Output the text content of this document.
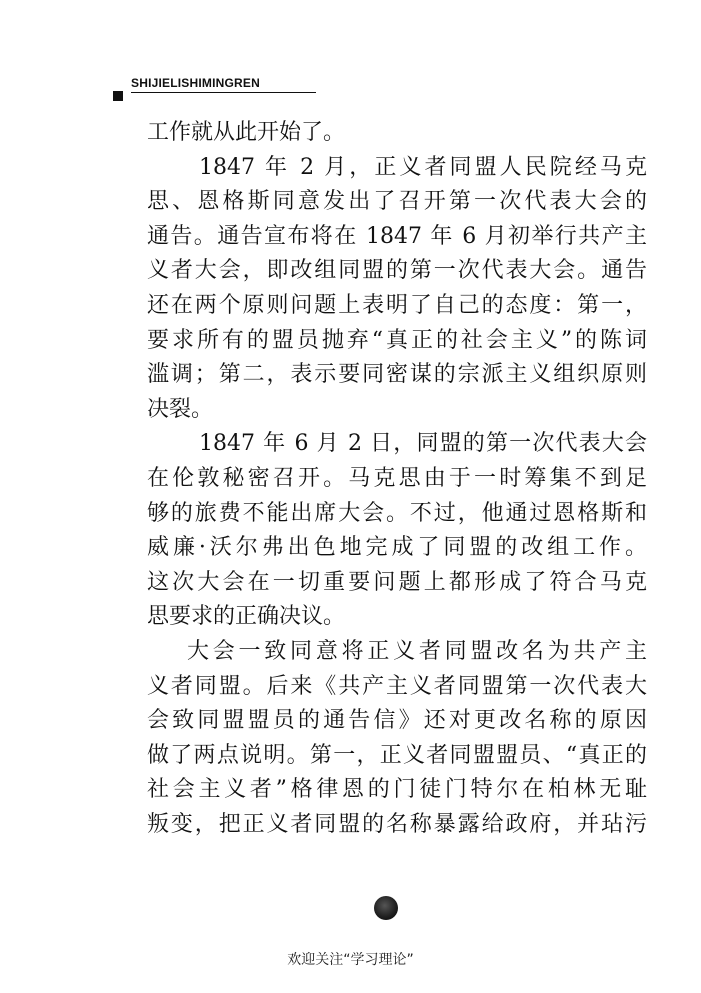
SHIJIELISHIMINGREN
工作就从此开始了。
1847 年 2 月，正义者同盟人民院经马克
思、恩格斯同意发出了召开第一次代表大会的
通告。通告宣布将在 1847 年 6 月初举行共产主
义者大会，即改组同盟的第一次代表大会。通告
还在两个原则问题上表明了自己的态度：第一，
要求所有的盟员抛弃“真正的社会主义”的陈词
滥调；第二，表示要同密谋的宗派主义组织原则
决裂。
1847 年 6 月 2 日，同盟的第一次代表大会
在伦敦秘密召开。马克思由于一时筹集不到足
够的旅费不能出席大会。不过，他通过恩格斯和
威廉·沃尔弗出色地完成了同盟的改组工作。
这次大会在一切重要问题上都形成了符合马克
思要求的正确决议。
大会一致同意将正义者同盟改名为共产主
义者同盟。后来《共产主义者同盟第一次代表大
会致同盟盟员的通告信》还对更改名称的原因
做了两点说明。第一，正义者同盟盟员、“真正的
社会主义者”格律恩的门徒门特尔在柏林无耻
叛变，把正义者同盟的名称暴露给政府，并玷污
欢迎关注“学习理论”
